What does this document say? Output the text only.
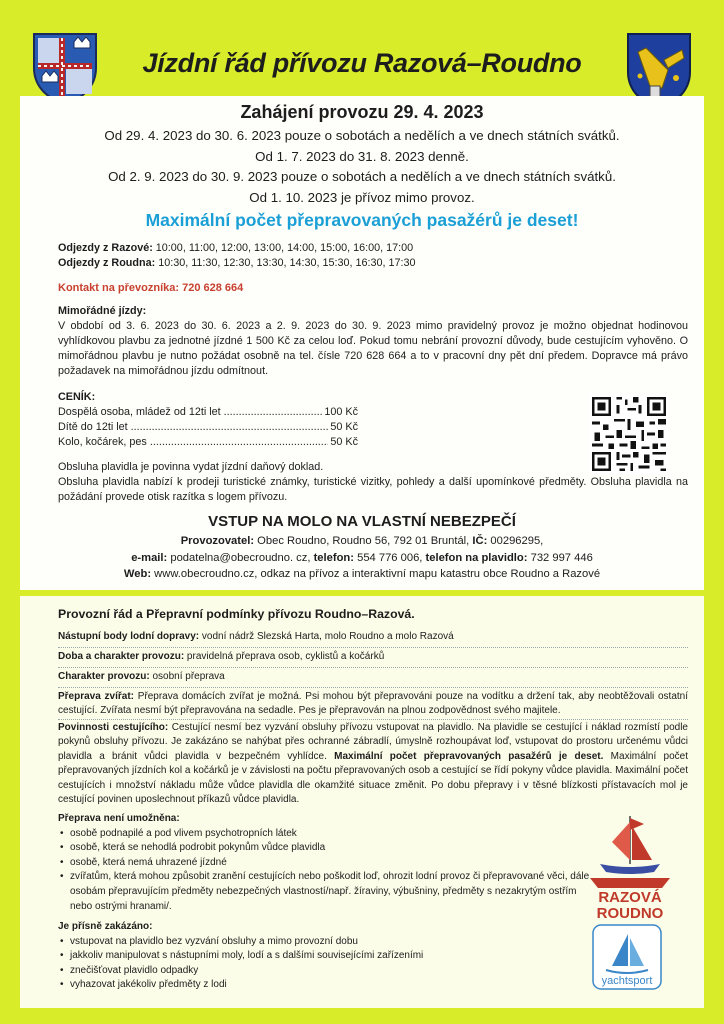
Jízdní řád přívozu Razová–Roudno
Zahájení provozu 29. 4. 2023
Od 29. 4. 2023 do 30. 6. 2023 pouze o sobotách a nedělích a ve dnech státních svátků.
Od 1. 7. 2023 do 31. 8. 2023 denně.
Od 2. 9. 2023 do 30. 9. 2023 pouze o sobotách a nedělích a ve dnech státních svátků.
Od 1. 10. 2023 je přívoz mimo provoz.
Maximální počet přepravovaných pasažérů je deset!
Odjezdy z Razové: 10:00, 11:00, 12:00, 13:00, 14:00, 15:00, 16:00, 17:00
Odjezdy z Roudna: 10:30, 11:30, 12:30, 13:30, 14:30, 15:30, 16:30, 17:30
Kontakt na převozníka: 720 628 664
Mimořádné jízdy:
V období od 3. 6. 2023 do 30. 6. 2023 a 2. 9. 2023 do 30. 9. 2023 mimo pravidelný provoz je možno objednat hodinovou vyhlídkovou plavbu za jednotné jízdné 1 500 Kč za celou loď. Pokud tomu nebrání provozní důvody, bude cestujícím vyhověno. O mimořádnou plavbu je nutno požádat osobně na tel. čísle 720 628 664 a to v pracovní dny pět dní předem. Dopravce má právo požadavek na mimořádnou jízdu odmítnout.
CENÍK:
Dospělá osoba, mládež od 12ti let .....	100 Kč
Dítě do 12ti let .....	50 Kč
Kolo, kočárek, pes .....	50 Kč
Obsluha plavidla je povinna vydat jízdní daňový doklad.
Obsluha plavidla nabízí k prodeji turistické známky, turistické vizitky, pohledy a další upomínkové předměty. Obsluha plavidla na požádání provede otisk razítka s logem přívozu.
VSTUP NA MOLO NA VLASTNÍ NEBEZPEČÍ
Provozovatel: Obec Roudno, Roudno 56, 792 01 Bruntál, IČ: 00296295,
e-mail: podatelna@obecroudno. cz, telefon: 554 776 006, telefon na plavidlo: 732 997 446
Web: www.obecroudno.cz, odkaz na přívoz a interaktivní mapu katastru obce Roudno a Razové
Provozní řád a Přepravní podmínky přívozu Roudno–Razová.
Nástupní body lodní dopravy: vodní nádrž Slezská Harta, molo Roudno a molo Razová
Doba a charakter provozu: pravidelná přeprava osob, cyklistů a kočárků
Charakter provozu: osobní přeprava
Přeprava zvířat: Přeprava domácích zvířat je možná. Psi mohou být přepravováni pouze na vodítku a držení tak, aby neobtěžovali ostatní cestující. Zvířata nesmí být přepravována na sedadle. Pes je přepravován na plnou zodpovědnost svého majitele.
Povinnosti cestujícího: Cestující nesmí bez vyzvání obsluhy přívozu vstupovat na plavidlo. Na plavidle se cestující i náklad rozmístí podle pokynů obsluhy přívozu. Je zakázáno se nahýbat přes ochranné zábradlí, úmyslně rozhoupávat loď, vstupovat do prostoru určenému vůdci plavidla a bránit vůdci plavidla v bezpečném vyhlídce. Maximální počet přepravovaných pasažérů je deset. Maximální počet přepravovaných jízdních kol a kočárků je v závislosti na počtu přepravovaných osob a cestující se řídí pokyny vůdce plavidla. Maximální počet cestujících i množství nákladu může vůdce plavidla dle okamžité situace změnit. Po dobu přepravy i v těsné blízkosti přístavacích mol je cestující povinen uposlechnout příkazů vůdce plavidla.
Přeprava není umožněna:
• osobě podnapilé a pod vlivem psychotropních látek
• osobě, která se nehodlá podrobit pokynům vůdce plavidla
• osobě, která nemá uhrazené jízdné
• zvířatům, která mohou způsobit zranění cestujících nebo poškodit loď, ohrozit lodní provoz či přepravované věci, dále osobám přepravujícím předměty nebezpečných vlastností/např. žíraviny, výbušniny, předměty s nezakrytým ostřím nebo ostrými hranami/.
Je přísně zakázáno:
• vstupovat na plavidlo bez vyzvání obsluhy a mimo provozní dobu
• jakkoliv manipulovat s nástupními moly, lodí a s dalšími souvisejícími zařízeními
• znečišťovat plavidlo odpadky
• vyhazovat jakékoliv předměty z lodi
RAZOVÁ
ROUDNO
yachtsport
